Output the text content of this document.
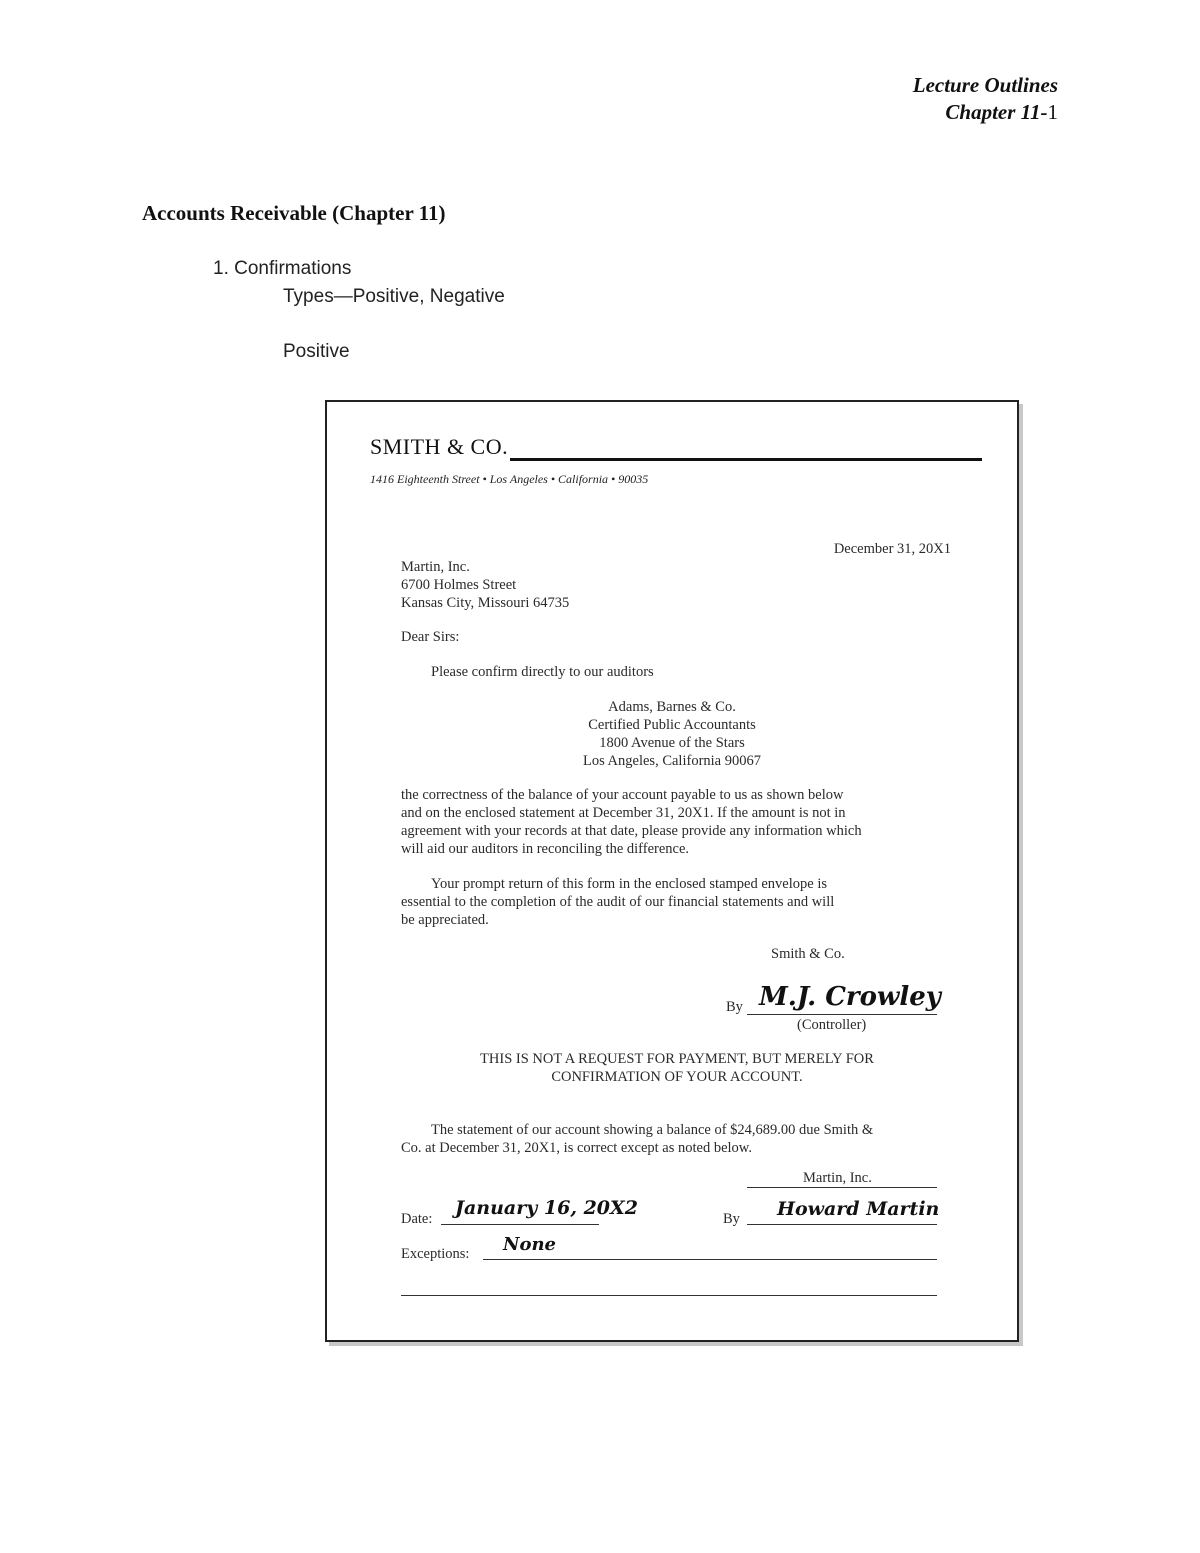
Lecture Outlines
Chapter 11-1
Accounts Receivable (Chapter 11)
1. Confirmations
Types—Positive, Negative
Positive
SMITH & CO.
1416 Eighteenth Street • Los Angeles • California • 90035
December 31, 20X1
Martin, Inc.
6700 Holmes Street
Kansas City, Missouri 64735
Dear Sirs:
Please confirm directly to our auditors
Adams, Barnes & Co.
Certified Public Accountants
1800 Avenue of the Stars
Los Angeles, California 90067
the correctness of the balance of your account payable to us as shown below
and on the enclosed statement at December 31, 20X1. If the amount is not in
agreement with your records at that date, please provide any information which
will aid our auditors in reconciling the difference.
Your prompt return of this form in the enclosed stamped envelope is
essential to the completion of the audit of our financial statements and will
be appreciated.
Smith & Co.
By M.J. Crowley
(Controller)
THIS IS NOT A REQUEST FOR PAYMENT, BUT MERELY FOR
CONFIRMATION OF YOUR ACCOUNT.
The statement of our account showing a balance of $24,689.00 due Smith &
Co. at December 31, 20X1, is correct except as noted below.
Martin, Inc.
Date: January 16, 20X2	By Howard Martin
Exceptions: None
